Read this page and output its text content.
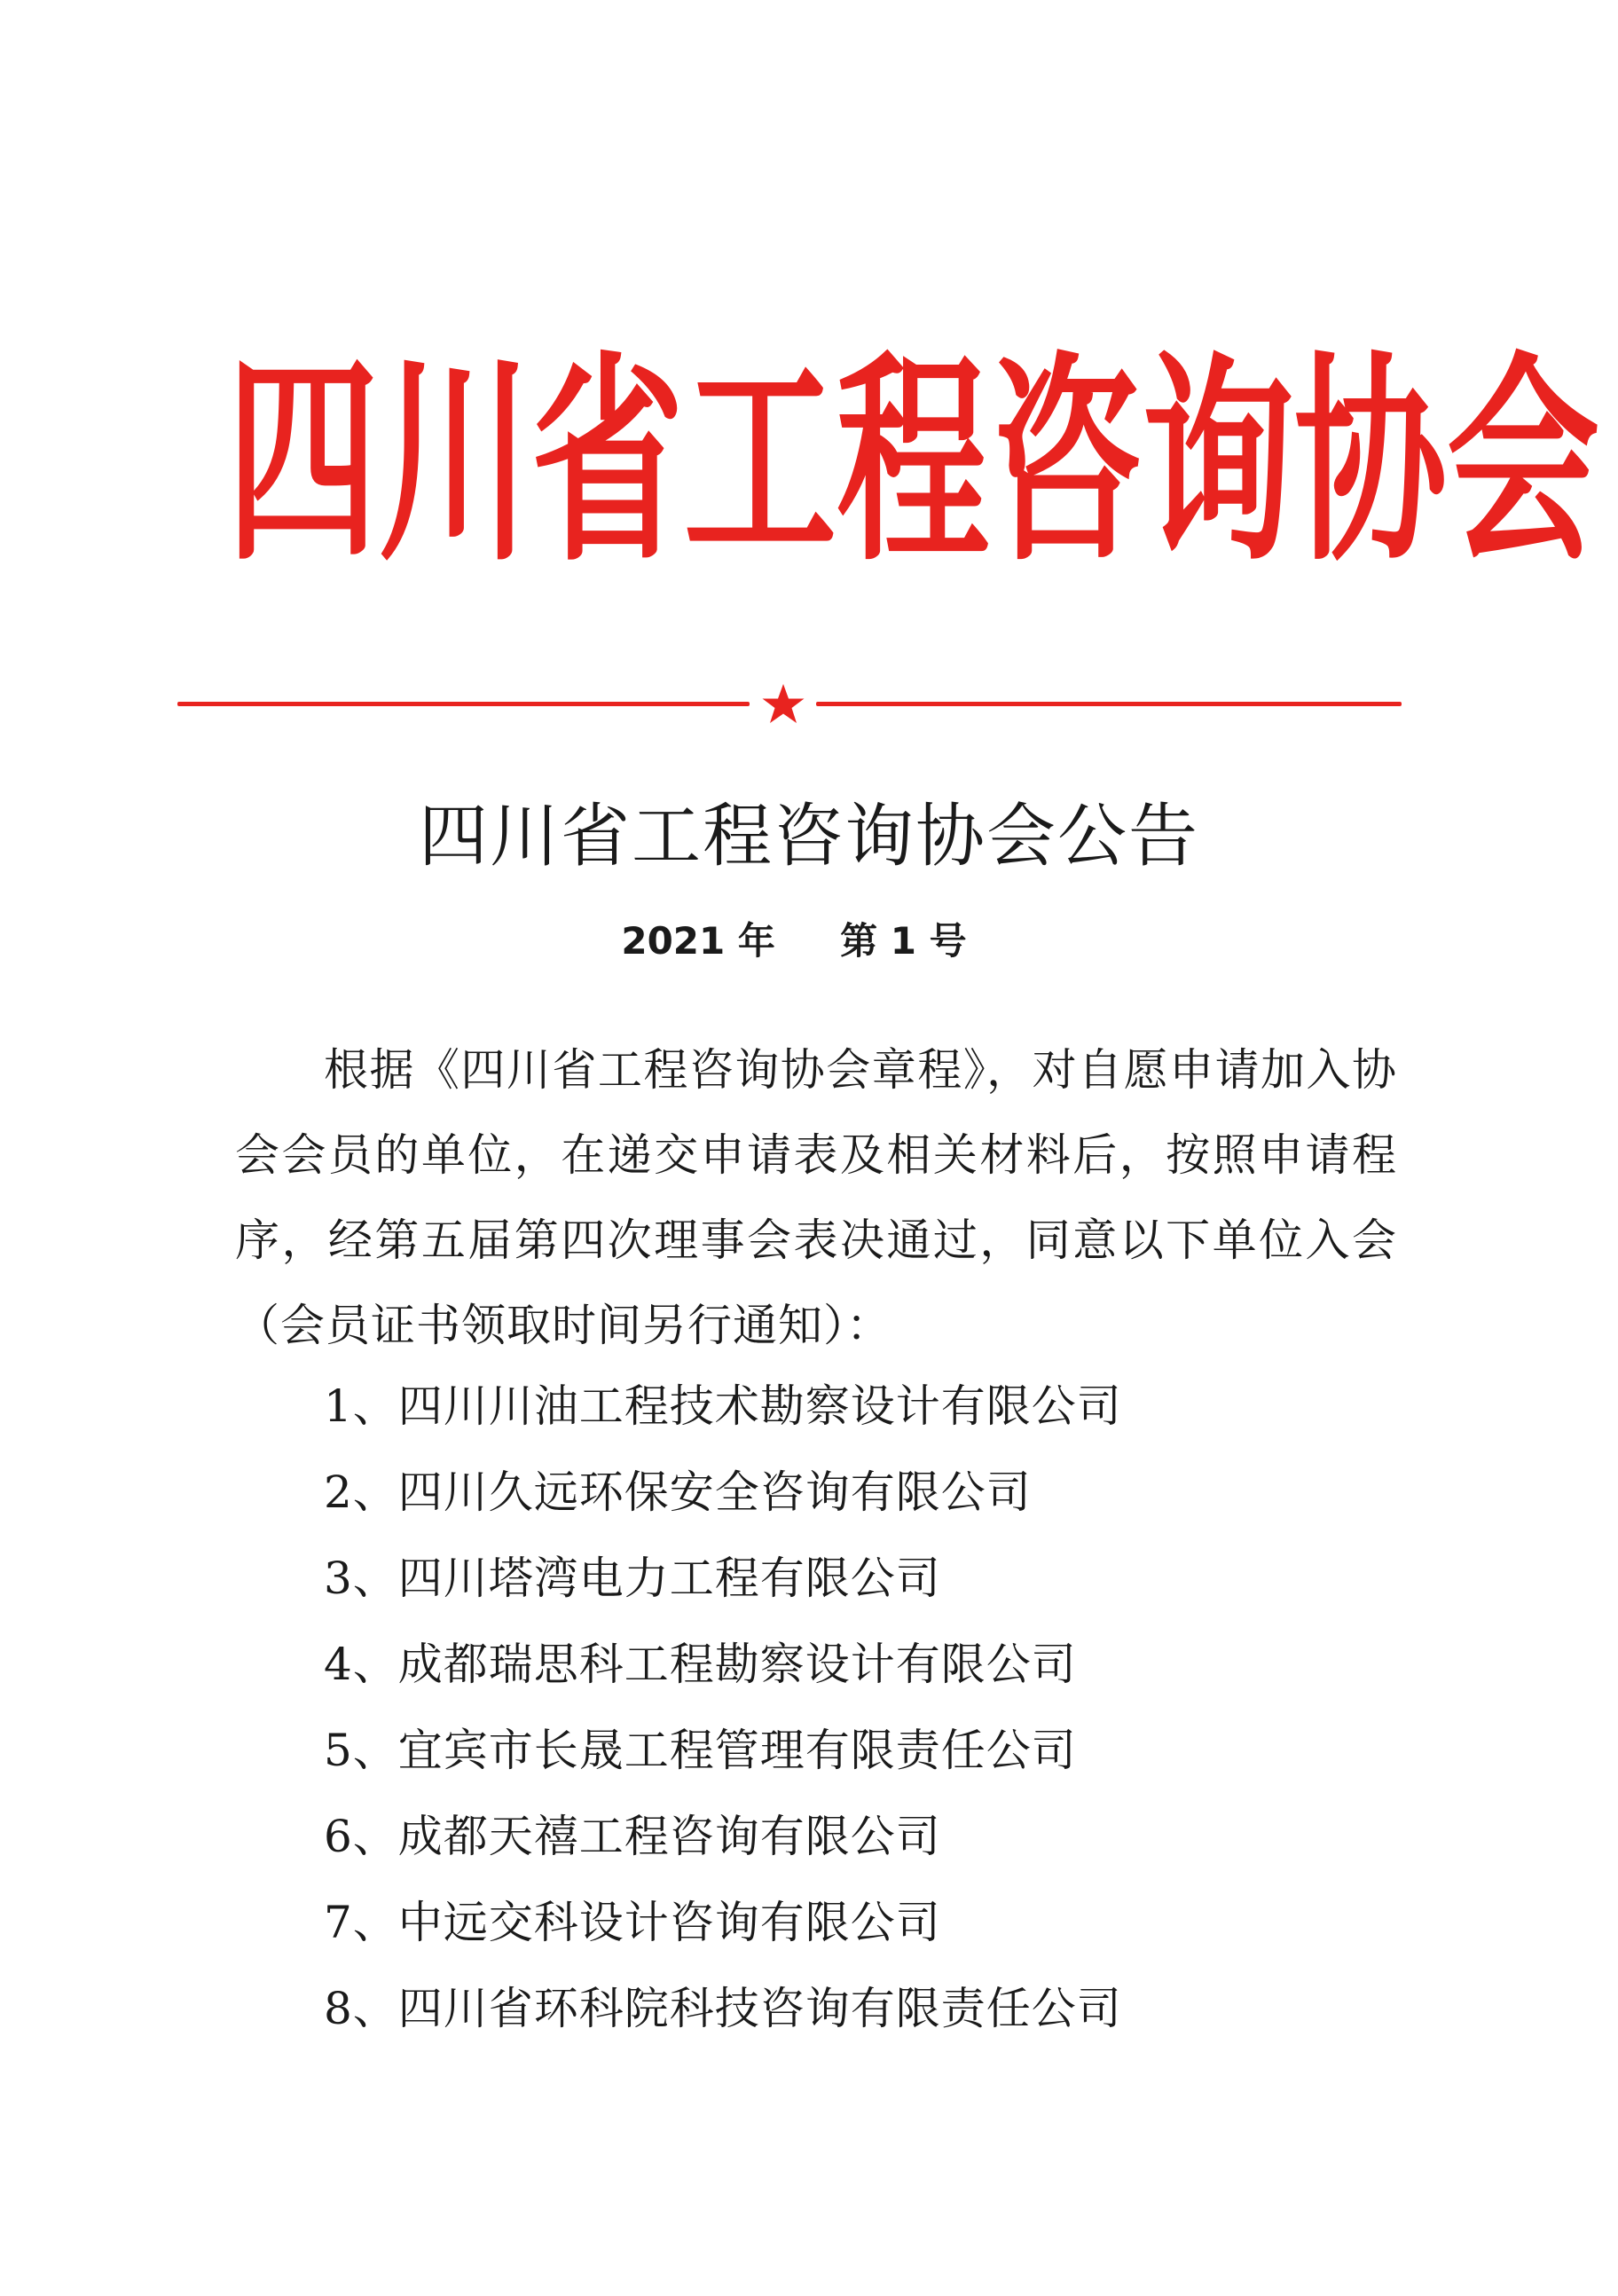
四 川 省 工 程 咨 询 协 会
四川省工程咨询协会公告
2021 年 第 1 号
根据《四川省工程咨询协会章程》，对自愿申请加入协会会员的单位，在递交申请表及相关材料后，按照申请程序，经第五届第四次理事会表决通过，同意以下单位入会（会员证书领取时间另行通知）：
1、四川川油工程技术勘察设计有限公司
2、四川久远环保安全咨询有限公司
3、四川塔湾电力工程有限公司
4、成都瑞思科工程勘察设计有限公司
5、宜宾市长晟工程管理有限责任公司
6、成都天禧工程咨询有限公司
7、中远交科设计咨询有限公司
8、四川省环科院科技咨询有限责任公司
